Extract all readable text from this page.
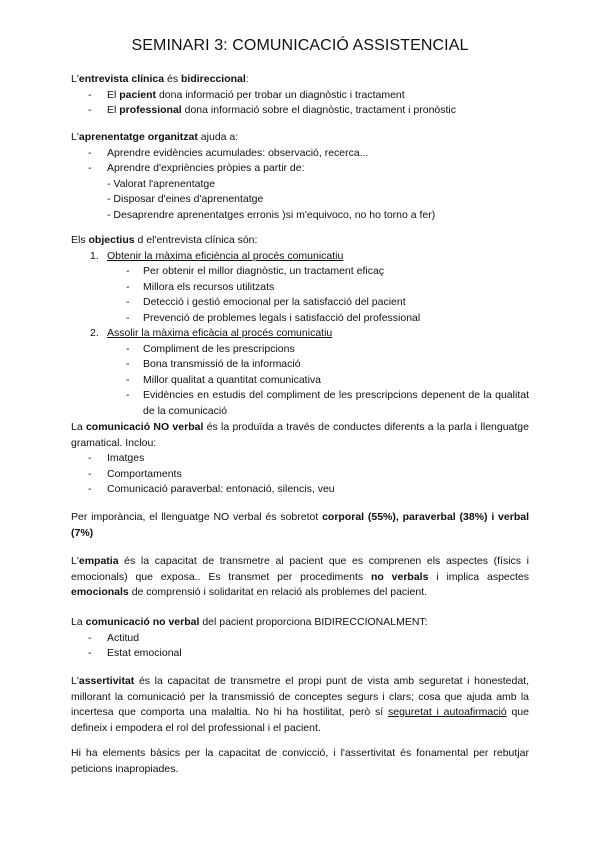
SEMINARI 3: COMUNICACIÓ ASSISTENCIAL
L'entrevista clínica és bidireccional:
- El pacient dona informació per trobar un diagnòstic i tractament
- El professional dona informació sobre el diagnòstic, tractament i pronòstic
L'aprenentatge organitzat ajuda a:
- Aprendre evidències acumulades: observació, recerca...
- Aprendre d'expriències pròpies a partir de:
- Valorat l'aprenentatge
- Disposar d'eines d'aprenentatge
- Desaprendre aprenentatges erronis )si m'equivoco, no ho torno a fer)
Els objectius d el'entrevista clínica són:
1. Obtenir la màxima eficiència al procés comunicatiu
- Per obtenir el millor diagnòstic, un tractament eficaç
- Millora els recursos utilitzats
- Detecció i gestió emocional per la satisfacció del pacient
- Prevenció de problemes legals i satisfacció del professional
2. Assolir la màxima eficàcia al procés comunicatiu
- Compliment de les prescripcions
- Bona transmissió de la informació
- Millor qualitat a quantitat comunicativa
- Evidències en estudis del compliment de les prescripcions depenent de la qualitat de la comunicació
La comunicació NO verbal és la produïda a través de conductes diferents a la parla i llenguatge gramatical. Inclou:
- Imatges
- Comportaments
- Comunicació paraverbal: entonació, silencis, veu
Per imporància, el llenguatge NO verbal és sobretot corporal (55%), paraverbal (38%) i verbal (7%)
L'empatia és la capacitat de transmetre al pacient que es comprenen els aspectes (físics i emocionals) que exposa.. Es transmet per procediments no verbals i implica aspectes emocionals de comprensió i solidaritat en relació als problemes del pacient.
La comunicació no verbal del pacient proporciona BIDIRECCIONALMENT:
- Actitud
- Estat emocional
L'assertivitat és la capacitat de transmetre el propi punt de vista amb seguretat i honestedat, millorant la comunicació per la transmissió de conceptes segurs i clars; cosa que ajuda amb la incertesa que comporta una malaltia. No hi ha hostilitat, però sí seguretat i autoafirmació que defineix i empodera el rol del professional i el pacient.
Hi ha elements bàsics per la capacitat de convicció, i l'assertivitat és fonamental per rebutjar peticions inapropiades.
